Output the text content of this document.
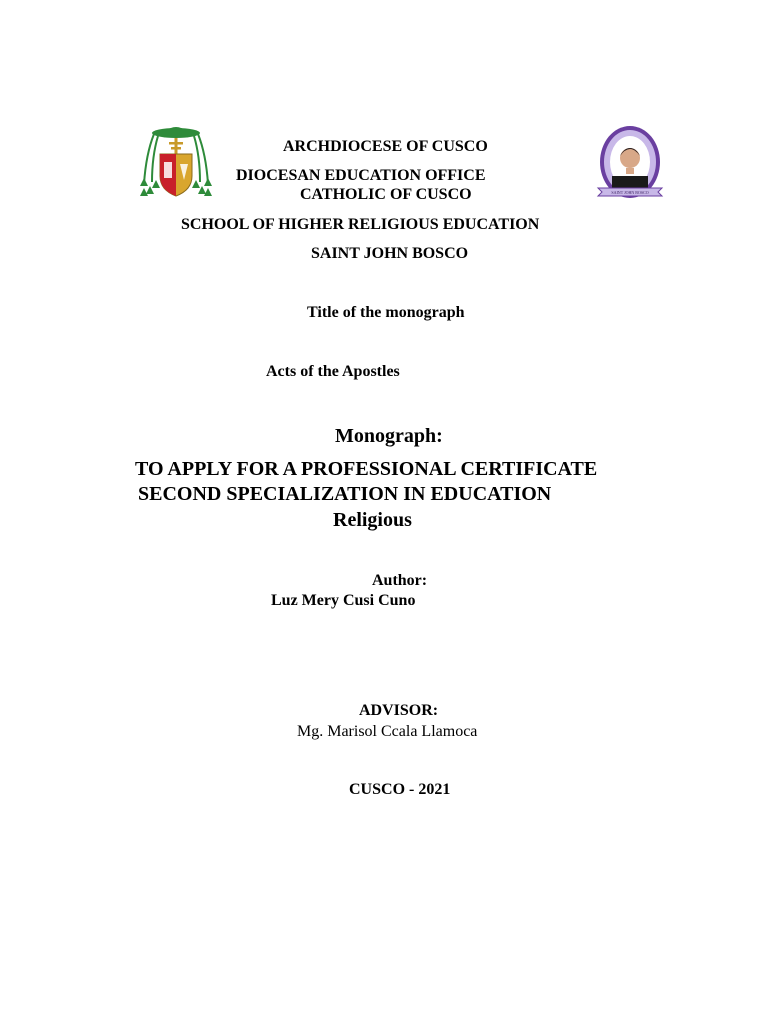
SAINT JOHN BOSCO

ARCHDIOCESE OF CUSCO

DIOCESAN EDUCATION OFFICE

CATHOLIC OF CUSCO

SCHOOL OF HIGHER RELIGIOUS EDUCATION

SAINT JOHN BOSCO

Title of the monograph

Acts of the Apostles

Monograph:

TO APPLY FOR A PROFESSIONAL CERTIFICATE

SECOND SPECIALIZATION IN EDUCATION

Religious

Author:

Luz Mery Cusi Cuno

ADVISOR:

Mg. Marisol Ccala Llamoca

CUSCO - 2021
